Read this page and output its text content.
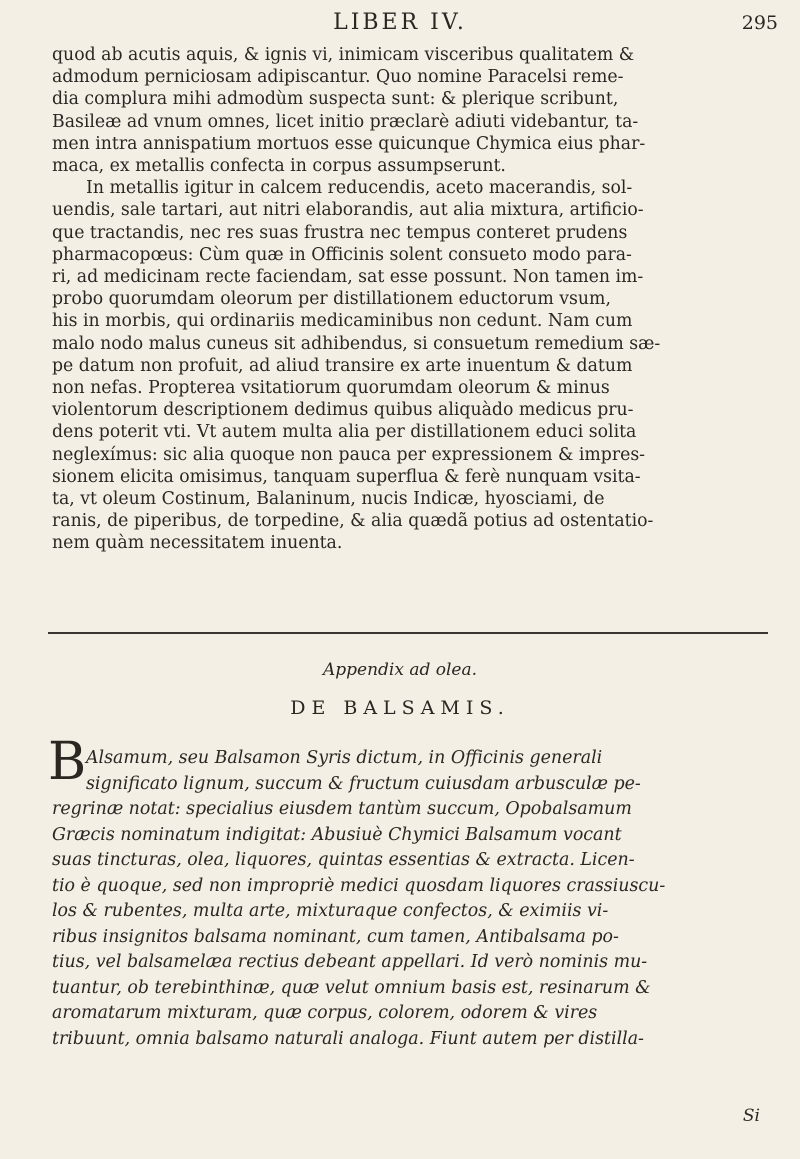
LIBER IV.	295
quod ab acutis aquis, & ignis vi, inimicam visceribus qualitatem &
admodum perniciosam adipiscantur. Quo nomine Paracelsi reme-
dia complura mihi admodùm suspecta sunt: & plerique scribunt,
Basileæ ad vnum omnes, licet initio præclarè adiuti videbantur, ta-
men intra annispatium mortuos esse quicunque Chymica eius phar-
maca, ex metallis confecta in corpus assumpserunt.
In metallis igitur in calcem reducendis, aceto macerandis, sol-
uendis, sale tartari, aut nitri elaborandis, aut alia mixtura, artificio-
que tractandis, nec res suas frustra nec tempus conteret prudens
pharmacopœus: Cùm quæ in Officinis solent consueto modo para-
ri, ad medicinam recte faciendam, sat esse possunt. Non tamen im-
probo quorumdam oleorum per distillationem eductorum vsum,
his in morbis, qui ordinariis medicaminibus non cedunt. Nam cum
malo nodo malus cuneus sit adhibendus, si consuetum remedium sæ-
pe datum non profuit, ad aliud transire ex arte inuentum & datum
non nefas. Propterea vsitatiorum quorumdam oleorum & minus
violentorum descriptionem dedimus quibus aliquàdo medicus pru-
dens poterit vti. Vt autem multa alia per distillationem educi solita
neglexímus: sic alia quoque non pauca per expressionem & impres-
sionem elicita omisimus, tanquam superflua & ferè nunquam vsita-
ta, vt oleum Costinum, Balaninum, nucis Indicæ, hyosciami, de
ranis, de piperibus, de torpedine, & alia quædã potius ad ostentatio-
nem quàm necessitatem inuenta.
Appendix ad olea.
DE BALSAMIS.
B Alsamum, seu Balsamon Syris dictum, in Officinis generali
significato lignum, succum & fructum cuiusdam arbusculæ pe-
regrinæ notat: specialius eiusdem tantùm succum, Opobalsamum
Græcis nominatum indigitat: Abusiuè Chymici Balsamum vocant
suas tincturas, olea, liquores, quintas essentias & extracta. Licen-
tio è quoque, sed non impropriè medici quosdam liquores crassiuscu-
los & rubentes, multa arte, mixturaque confectos, & eximiis vi-
ribus insignitos balsama nominant, cum tamen, Antibalsama po-
tius, vel balsamelæa rectius debeant appellari. Id verò nominis mu-
tuantur, ob terebinthinæ, quæ velut omnium basis est, resinarum &
aromatarum mixturam, quæ corpus, colorem, odorem & vires
tribuunt, omnia balsamo naturali analoga. Fiunt autem per distilla-
Si
